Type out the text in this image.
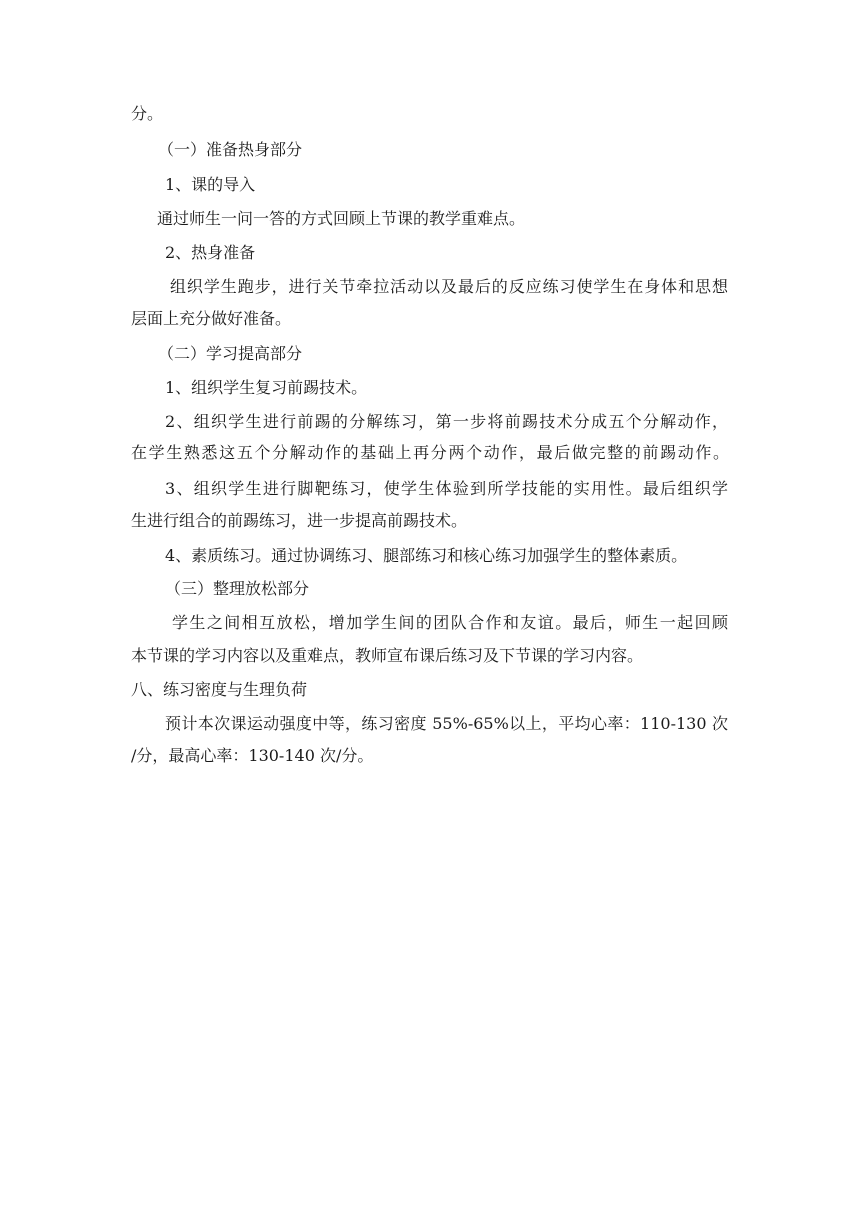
分。
（一）准备热身部分
1、课的导入
通过师生一问一答的方式回顾上节课的教学重难点。
2、热身准备
组织学生跑步，进行关节牵拉活动以及最后的反应练习使学生在身体和思想
层面上充分做好准备。
（二）学习提高部分
1、组织学生复习前踢技术。
2、组织学生进行前踢的分解练习，第一步将前踢技术分成五个分解动作，
在学生熟悉这五个分解动作的基础上再分两个动作，最后做完整的前踢动作。
3、组织学生进行脚靶练习，使学生体验到所学技能的实用性。最后组织学
生进行组合的前踢练习，进一步提高前踢技术。
4、素质练习。通过协调练习、腿部练习和核心练习加强学生的整体素质。
（三）整理放松部分
学生之间相互放松，增加学生间的团队合作和友谊。最后，师生一起回顾
本节课的学习内容以及重难点，教师宣布课后练习及下节课的学习内容。
八、练习密度与生理负荷
预计本次课运动强度中等，练习密度 55%-65%以上，平均心率：110-130 次
/分，最高心率：130-140 次/分。
